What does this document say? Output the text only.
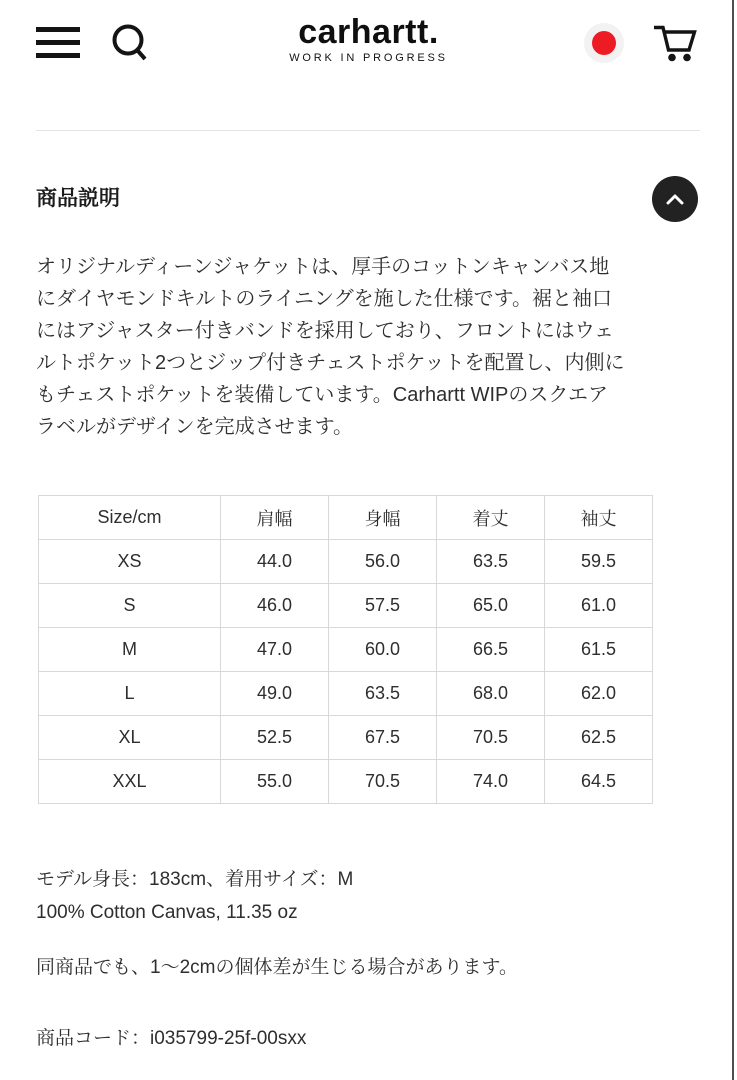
carhartt.
WORK IN PROGRESS
商品説明
オリジナルディーンジャケットは、厚手のコットンキャンバス地
にダイヤモンドキルトのライニングを施した仕様です。裾と袖口
にはアジャスター付きバンドを採用しており、フロントにはウェ
ルトポケット2つとジップ付きチェストポケットを配置し、内側に
もチェストポケットを装備しています。Carhartt WIPのスクエア
ラベルがデザインを完成させます。
Size/cm	肩幅	身幅	着丈	袖丈
XS	44.0	56.0	63.5	59.5
S	46.0	57.5	65.0	61.0
M	47.0	60.0	66.5	61.5
L	49.0	63.5	68.0	62.0
XL	52.5	67.5	70.5	62.5
XXL	55.0	70.5	74.0	64.5
モデル身長：183cm、着用サイズ：M
100% Cotton Canvas, 11.35 oz
同商品でも、1〜2cmの個体差が生じる場合があります。
商品コード：i035799-25f-00sxx
